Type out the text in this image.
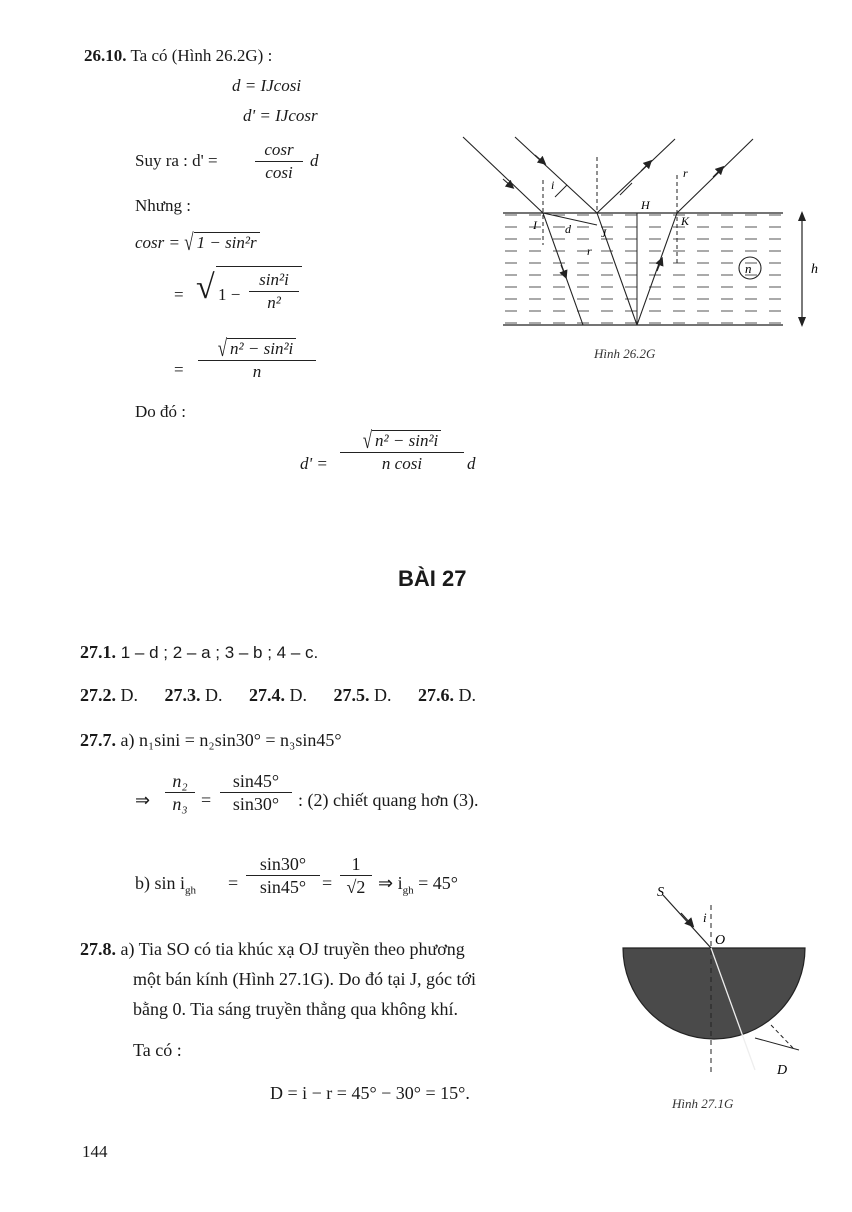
26.10. Ta có (Hình 26.2G) :
d = IJcosi
d' = IJcosr
Suy ra : d' =
cosr
cosi
d
Nhưng :
cosr = √ 1 − sin²r
= √ 1 −
sin²i
n²
=
√ n² − sin²i
n
Do đó :
d' =
√ n² − sin²i
n cosi	d
h
n
i
r
I
J
K
H
d
r
Hình 26.2G
BÀI 27
27.1. 1 – d ; 2 – a ; 3 – b ; 4 – c.
27.2. D. 27.3. D. 27.4. D. 27.5. D. 27.6. D.
27.7. a) n₁sini = n₂sin30° = n₃sin45°
⇒
n₂
n₃ =
sin45°
sin30°	: (2) chiết quang hơn (3).
b) $\sin i_{gh}$ =
sin30°
sin45° =
1
√2 ⇒ $i_{gh} = 45^\circ$
27.8. a) Tia SO có tia khúc xạ OJ truyền theo phương
một bán kính (Hình 27.1G). Do đó tại J, góc tới
bằng 0. Tia sáng truyền thẳng qua không khí.
Ta có :
D = i − r = 45° − 30° = 15°.
S
i
O
D
Hình 27.1G
144
